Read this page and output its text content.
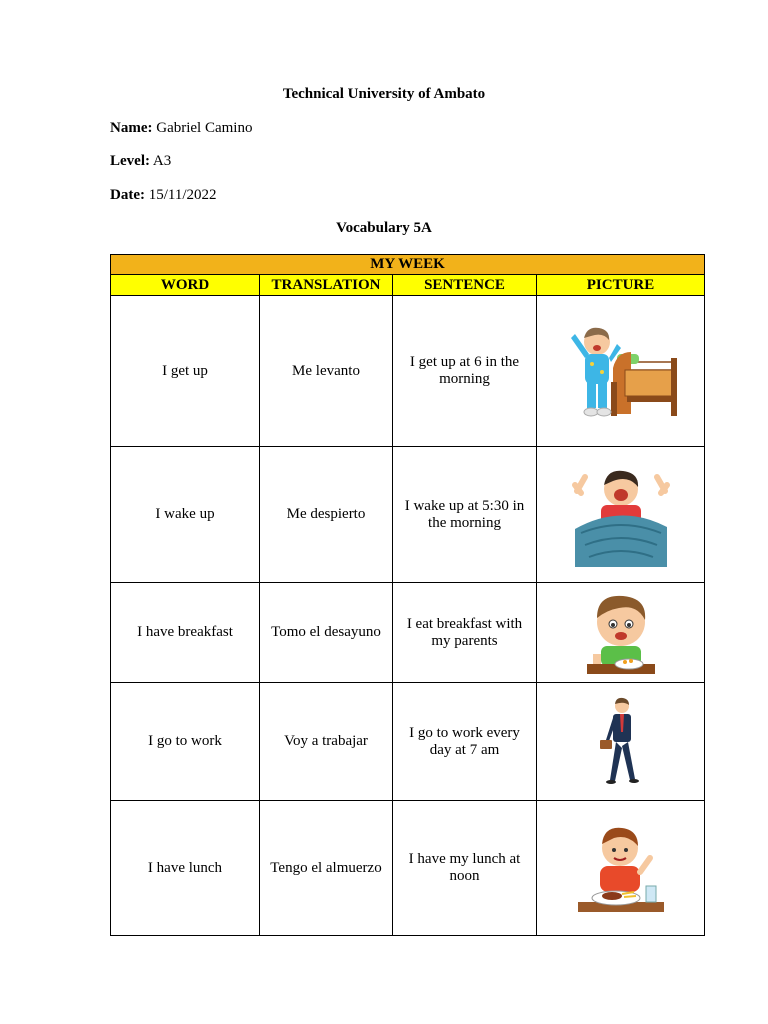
Technical University of Ambato
Name: Gabriel Camino
Level: A3
Date: 15/11/2022
Vocabulary 5A
MY WEEK			
WORD	TRANSLATION	SENTENCE	PICTURE
I get up	Me levanto	I get up at 6 in the morning	

I wake up	Me despierto	I wake up at 5:30 in the morning	

I have breakfast	Tomo el desayuno	I eat breakfast with my parents	

I go to work	Voy a trabajar	I go to work every day at 7 am	

I have lunch	Tengo el almuerzo	I have my lunch at noon	
